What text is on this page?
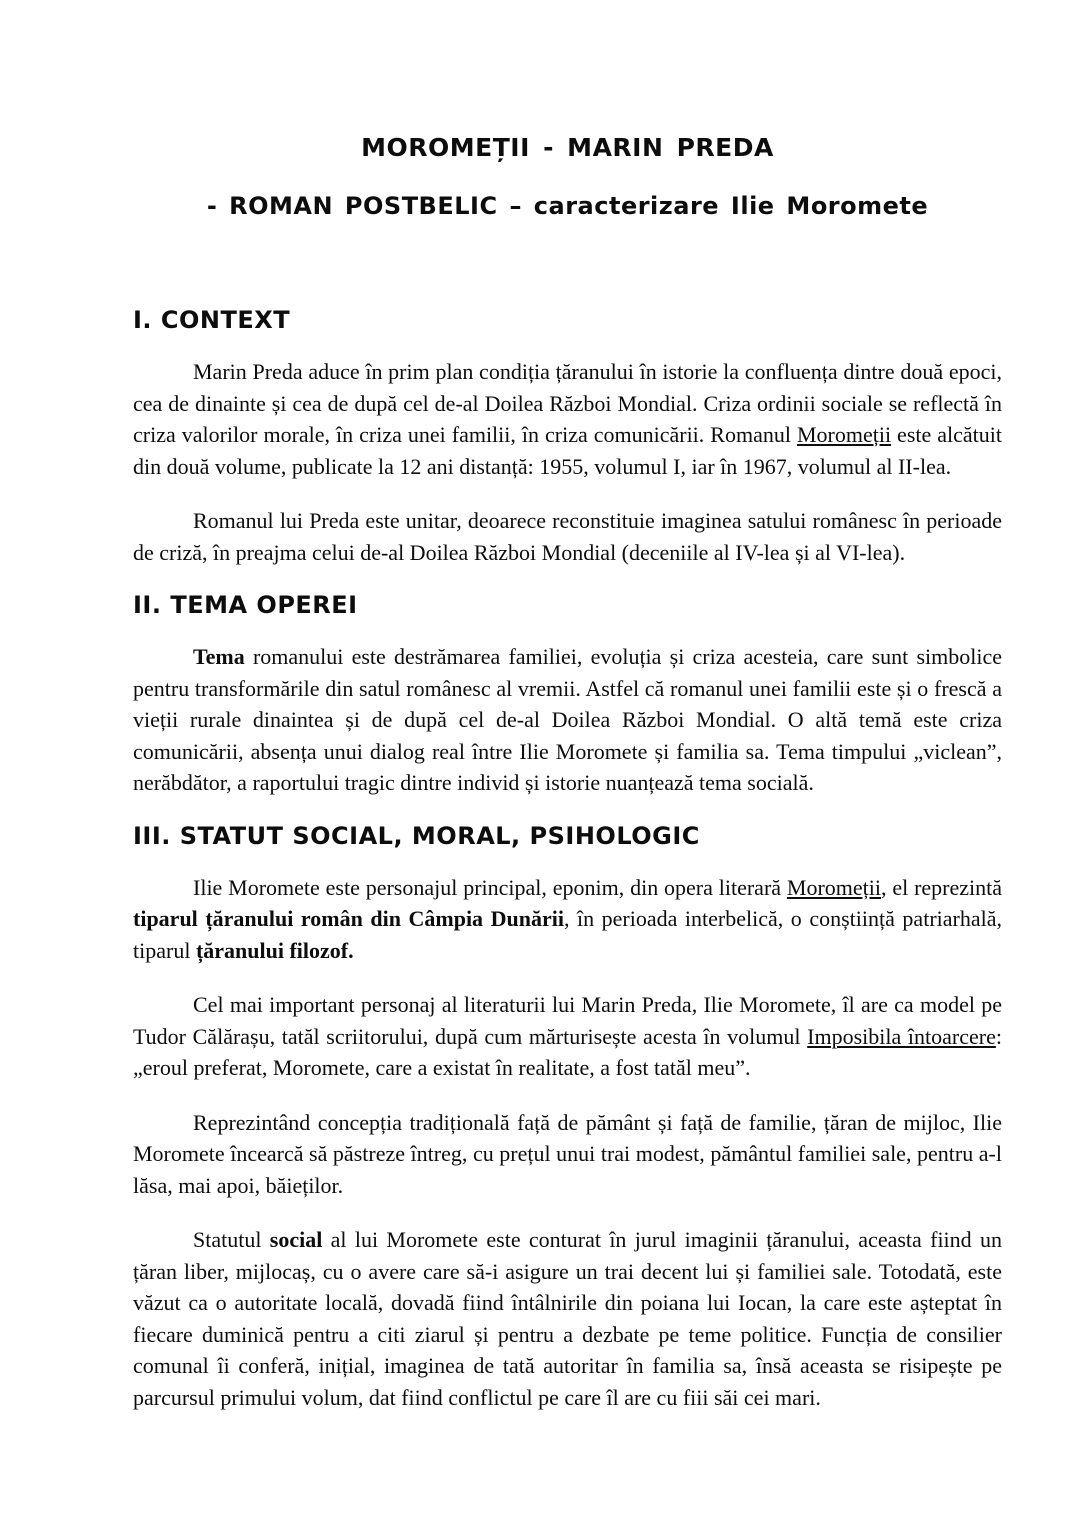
MOROMEȚII - MARIN PREDA
- ROMAN POSTBELIC – caracterizare Ilie Moromete
I. CONTEXT

Marin Preda aduce în prim plan condiția țăranului în istorie la confluența dintre două epoci, cea de dinainte și cea de după cel de-al Doilea Război Mondial. Criza ordinii sociale se reflectă în criza valorilor morale, în criza unei familii, în criza comunicării. Romanul Moromeții este alcătuit din două volume, publicate la 12 ani distanță: 1955, volumul I, iar în 1967, volumul al II-lea.

Romanul lui Preda este unitar, deoarece reconstituie imaginea satului românesc în perioade de criză, în preajma celui de-al Doilea Război Mondial (deceniile al IV-lea și al VI-lea).

II. TEMA OPEREI

Tema romanului este destrămarea familiei, evoluția și criza acesteia, care sunt simbolice pentru transformările din satul românesc al vremii. Astfel că romanul unei familii este și o frescă a vieții rurale dinaintea și de după cel de-al Doilea Război Mondial. O altă temă este criza comunicării, absența unui dialog real între Ilie Moromete și familia sa. Tema timpului „viclean”, nerăbdător, a raportului tragic dintre individ și istorie nuanțează tema socială.

III. STATUT SOCIAL, MORAL, PSIHOLOGIC

Ilie Moromete este personajul principal, eponim, din opera literară Moromeții, el reprezintă tiparul țăranului român din Câmpia Dunării, în perioada interbelică, o conștiință patriarhală, tiparul țăranului filozof.

Cel mai important personaj al literaturii lui Marin Preda, Ilie Moromete, îl are ca model pe Tudor Călărașu, tatăl scriitorului, după cum mărturisește acesta în volumul Imposibila întoarcere: „eroul preferat, Moromete, care a existat în realitate, a fost tatăl meu”.

Reprezintând concepția tradițională față de pământ și față de familie, țăran de mijloc, Ilie Moromete încearcă să păstreze întreg, cu prețul unui trai modest, pământul familiei sale, pentru a-l lăsa, mai apoi, băieților.

Statutul social al lui Moromete este conturat în jurul imaginii țăranului, aceasta fiind un țăran liber, mijlocaș, cu o avere care să-i asigure un trai decent lui și familiei sale. Totodată, este văzut ca o autoritate locală, dovadă fiind întâlnirile din poiana lui Iocan, la care este așteptat în fiecare duminică pentru a citi ziarul și pentru a dezbate pe teme politice. Funcția de consilier comunal îi conferă, inițial, imaginea de tată autoritar în familia sa, însă aceasta se risipește pe parcursul primului volum, dat fiind conflictul pe care îl are cu fiii săi cei mari.
